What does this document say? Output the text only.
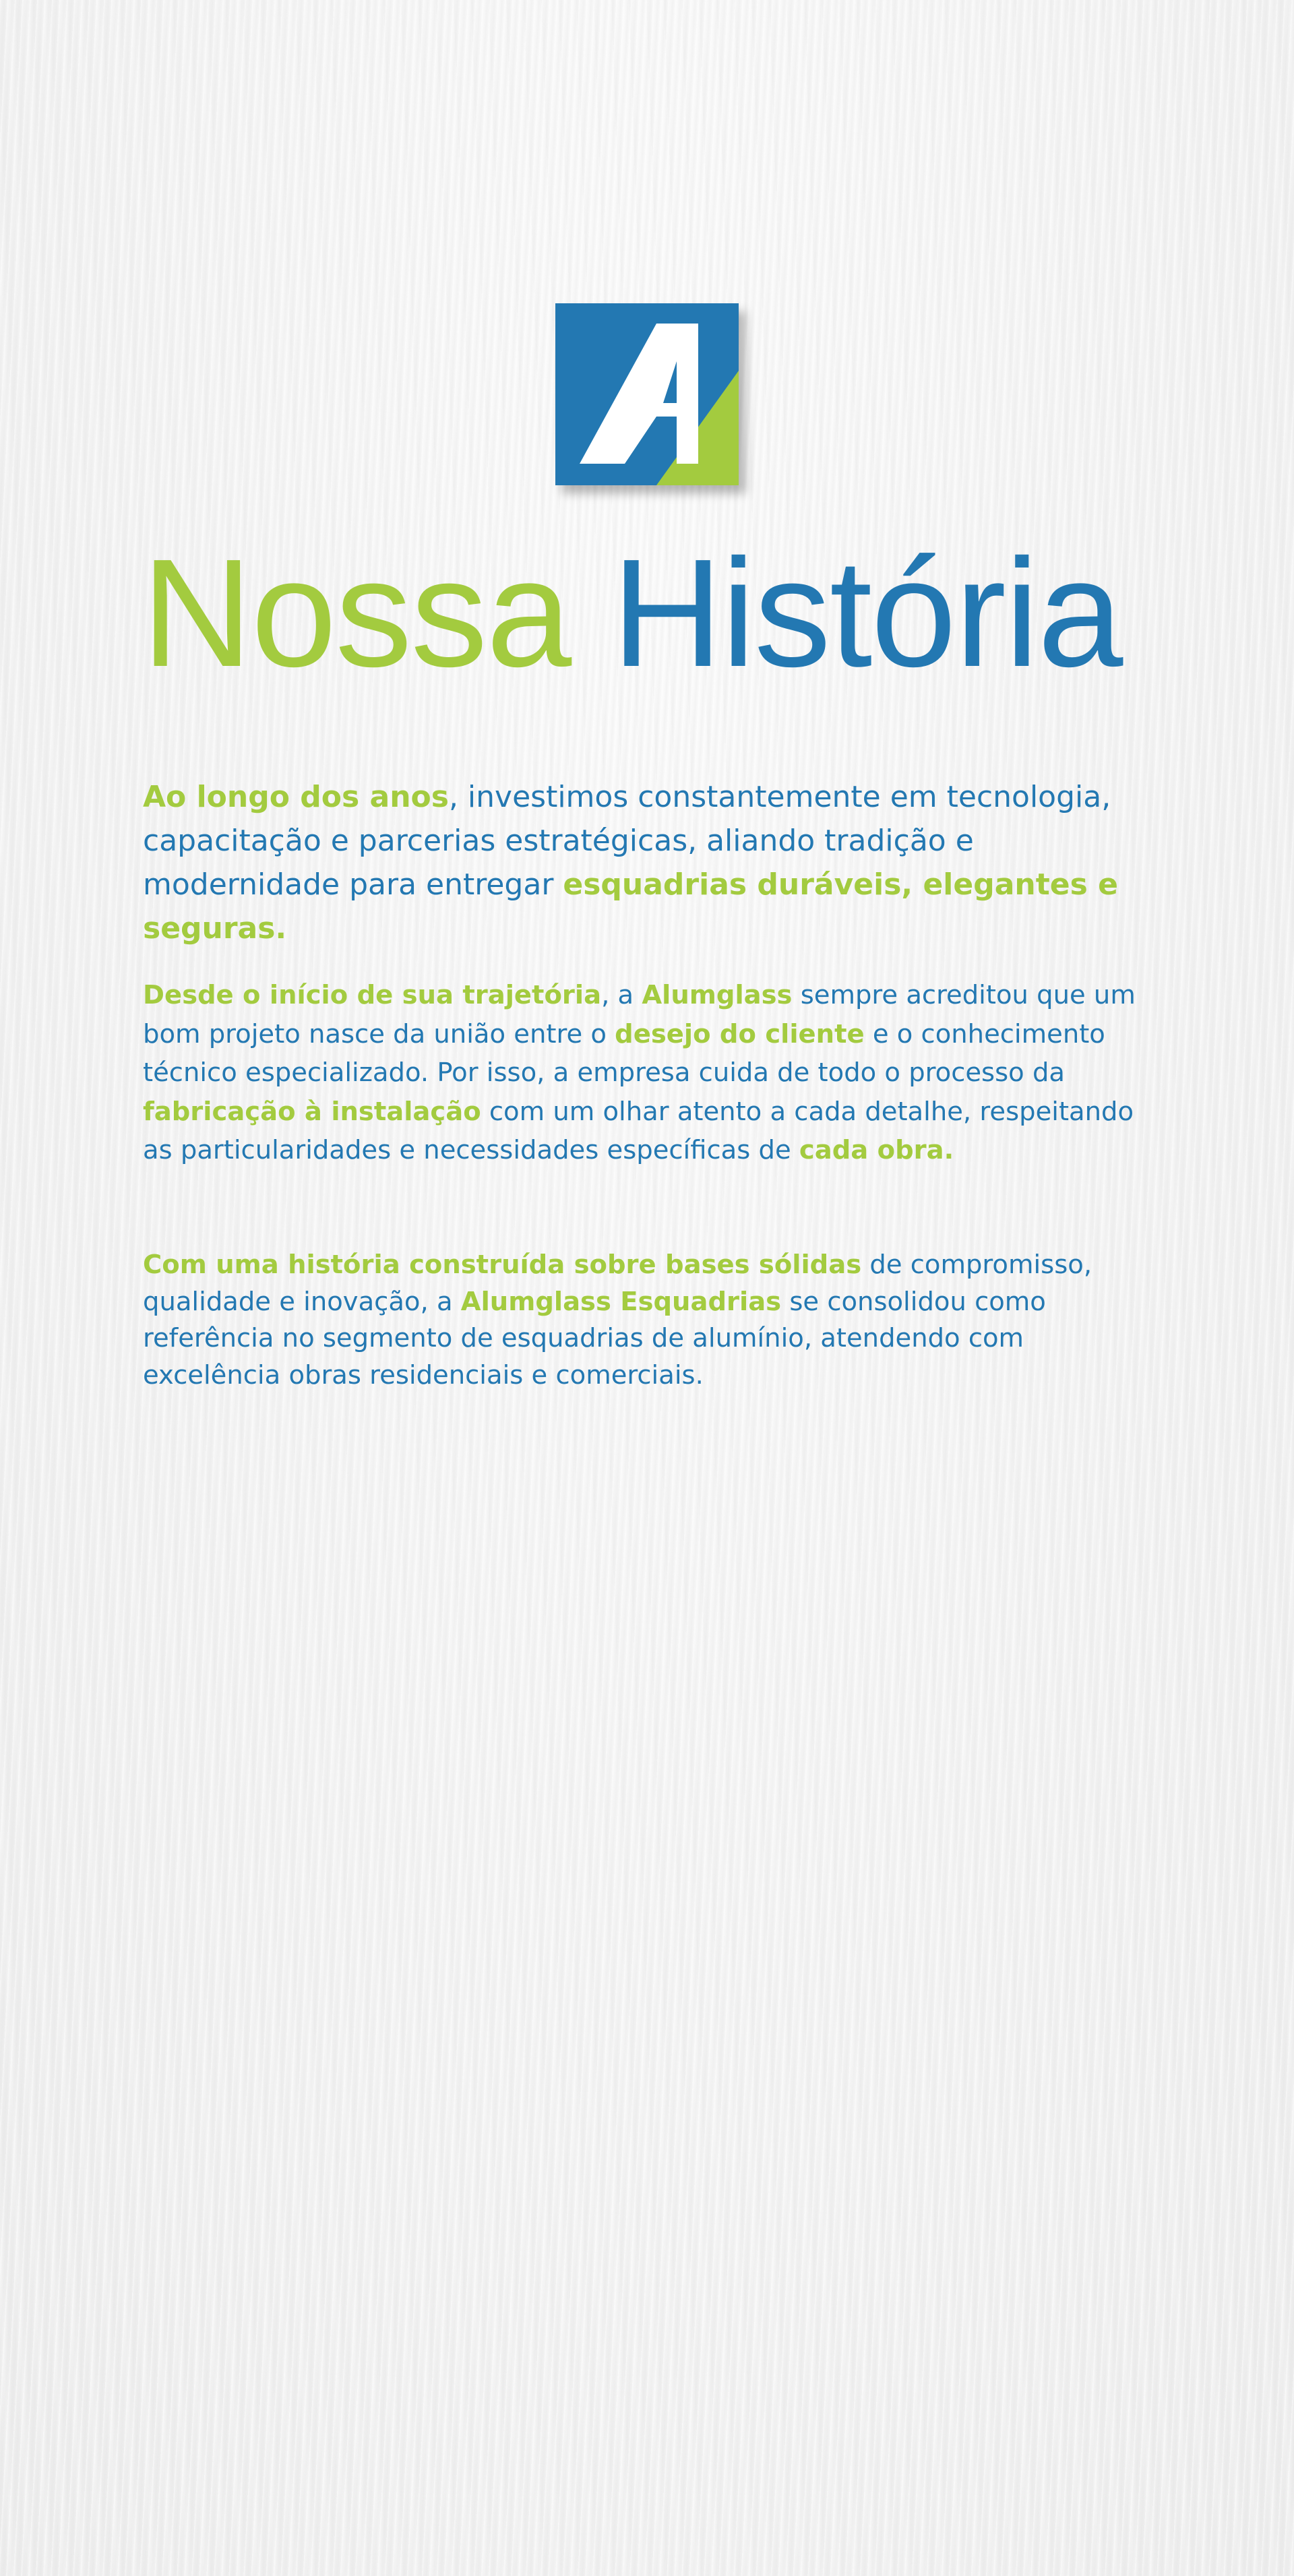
Nossa História

Ao longo dos anos, investimos constantemente em tecnologia, capacitação e parcerias estratégicas, aliando tradição e modernidade para entregar esquadrias duráveis, elegantes e seguras.

Desde o início de sua trajetória, a Alumglass sempre acreditou que um bom projeto nasce da união entre o desejo do cliente e o conhecimento técnico especializado. Por isso, a empresa cuida de todo o processo da fabricação à instalação com um olhar atento a cada detalhe, respeitando as particularidades e necessidades específicas de cada obra.

Com uma história construída sobre bases sólidas de compromisso, qualidade e inovação, a Alumglass Esquadrias se consolidou como referência no segmento de esquadrias de alumínio, atendendo com excelência obras residenciais e comerciais.
